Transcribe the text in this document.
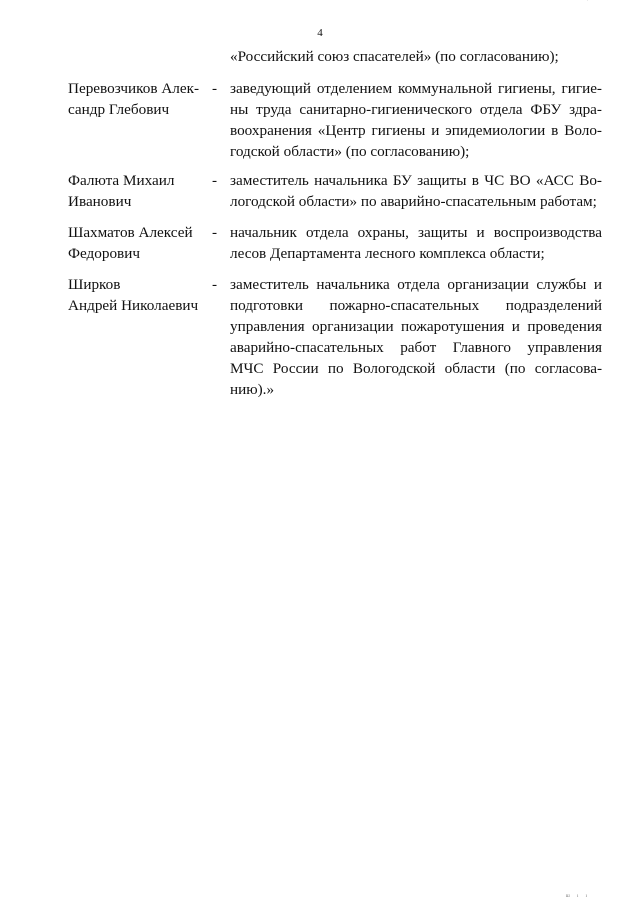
'
4
«Российский союз спасателей» (по согласованию);
Перевозчиков Алек-
сандр Глебович
- заведующий отделением коммунальной гигиены, гигие-
ны труда санитарно-гигиенического отдела ФБУ здра-
воохранения «Центр гигиены и эпидемиологии в Воло-
годской области» (по согласованию);
Фалюта Михаил
Иванович
- заместитель начальника БУ защиты в ЧС ВО «АСС Во-
логодской области» по аварийно-спасательным работам;
Шахматов Алексей
Федорович
- начальник отдела охраны, защиты и воспроизводства
лесов Департамента лесного комплекса области;
Ширков
Андрей Николаевич
- заместитель начальника отдела организации службы и
подготовки пожарно-спасательных подразделений
управления организации пожаротушения и проведения
аварийно-спасательных работ Главного управления
МЧС России по Вологодской области (по согласова-
нию).»
ш ı ı
